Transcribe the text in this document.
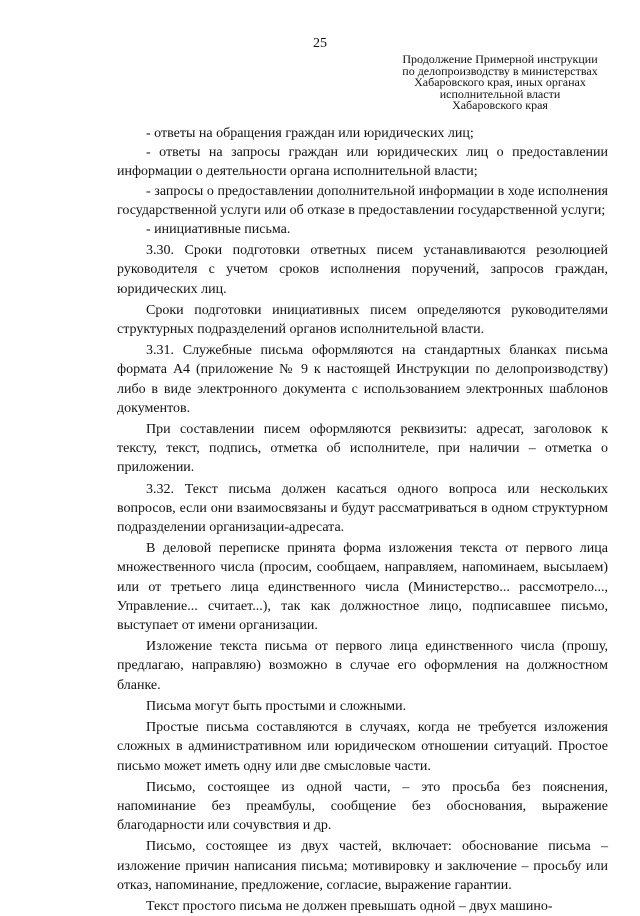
25
Продолжение Примерной инструкции
по делопроизводству в министерствах
Хабаровского края, иных органах
исполнительной власти
Хабаровского края

- ответы на обращения граждан или юридических лиц;

- ответы на запросы граждан или юридических лиц о предоставлении информации о деятельности органа исполнительной власти;

- запросы о предоставлении дополнительной информации в ходе исполнения государственной услуги или об отказе в предоставлении государственной услуги;

- инициативные письма.

3.30. Сроки подготовки ответных писем устанавливаются резолюцией руководителя с учетом сроков исполнения поручений, запросов граждан, юридических лиц.

Сроки подготовки инициативных писем определяются руководителями структурных подразделений органов исполнительной власти.

3.31. Служебные письма оформляются на стандартных бланках письма формата А4 (приложение № 9 к настоящей Инструкции по делопроизводству) либо в виде электронного документа с использованием электронных шаблонов документов.

При составлении писем оформляются реквизиты: адресат, заголовок к тексту, текст, подпись, отметка об исполнителе, при наличии – отметка о приложении.

3.32. Текст письма должен касаться одного вопроса или нескольких вопросов, если они взаимосвязаны и будут рассматриваться в одном структурном подразделении организации-адресата.

В деловой переписке принята форма изложения текста от первого лица множественного числа (просим, сообщаем, направляем, напоминаем, высылаем) или от третьего лица единственного числа (Министерство... рассмотрело..., Управление... считает...), так как должностное лицо, подписавшее письмо, выступает от имени организации.

Изложение текста письма от первого лица единственного числа (прошу, предлагаю, направляю) возможно в случае его оформления на должностном бланке.

Письма могут быть простыми и сложными.

Простые письма составляются в случаях, когда не требуется изложения сложных в административном или юридическом отношении ситуаций. Простое письмо может иметь одну или две смысловые части.

Письмо, состоящее из одной части, – это просьба без пояснения, напоминание без преамбулы, сообщение без обоснования, выражение благодарности или сочувствия и др.

Письмо, состоящее из двух частей, включает: обоснование письма – изложение причин написания письма; мотивировку и заключение – просьбу или отказ, напоминание, предложение, согласие, выражение гарантии.

Текст простого письма не должен превышать одной – двух машино-
